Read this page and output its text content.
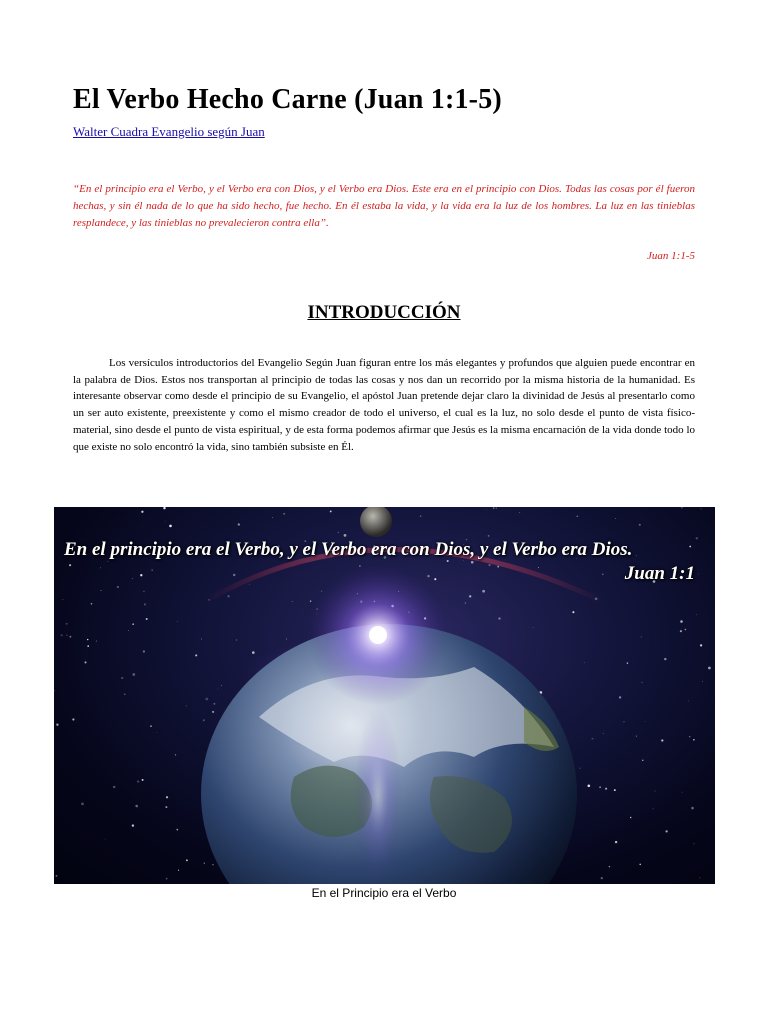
El Verbo Hecho Carne (Juan 1:1-5)
Walter Cuadra Evangelio según Juan
“En el principio era el Verbo, y el Verbo era con Dios, y el Verbo era Dios. Este era en el principio con Dios. Todas las cosas por él fueron hechas, y sin él nada de lo que ha sido hecho, fue hecho. En él estaba la vida, y la vida era la luz de los hombres. La luz en las tinieblas resplandece, y las tinieblas no prevalecieron contra ella”.
Juan 1:1-5
INTRODUCCIÓN

Los versículos introductorios del Evangelio Según Juan figuran entre los más elegantes y profundos que alguien puede encontrar en la palabra de Dios. Estos nos transportan al principio de todas las cosas y nos dan un recorrido por la misma historia de la humanidad. Es interesante observar como desde el principio de su Evangelio, el apóstol Juan pretende dejar claro la divinidad de Jesús al presentarlo como un ser auto existente, preexistente y como el mismo creador de todo el universo, el cual es la luz, no solo desde el punto de vista físico-material, sino desde el punto de vista espiritual, y de esta forma podemos afirmar que Jesús es la misma encarnación de la vida donde todo lo que existe no solo encontró la vida, sino también subsiste en Él.

En el principio era el Verbo, y el Verbo era con Dios, y el Verbo era Dios.
Juan 1:1
En el Principio era el Verbo
